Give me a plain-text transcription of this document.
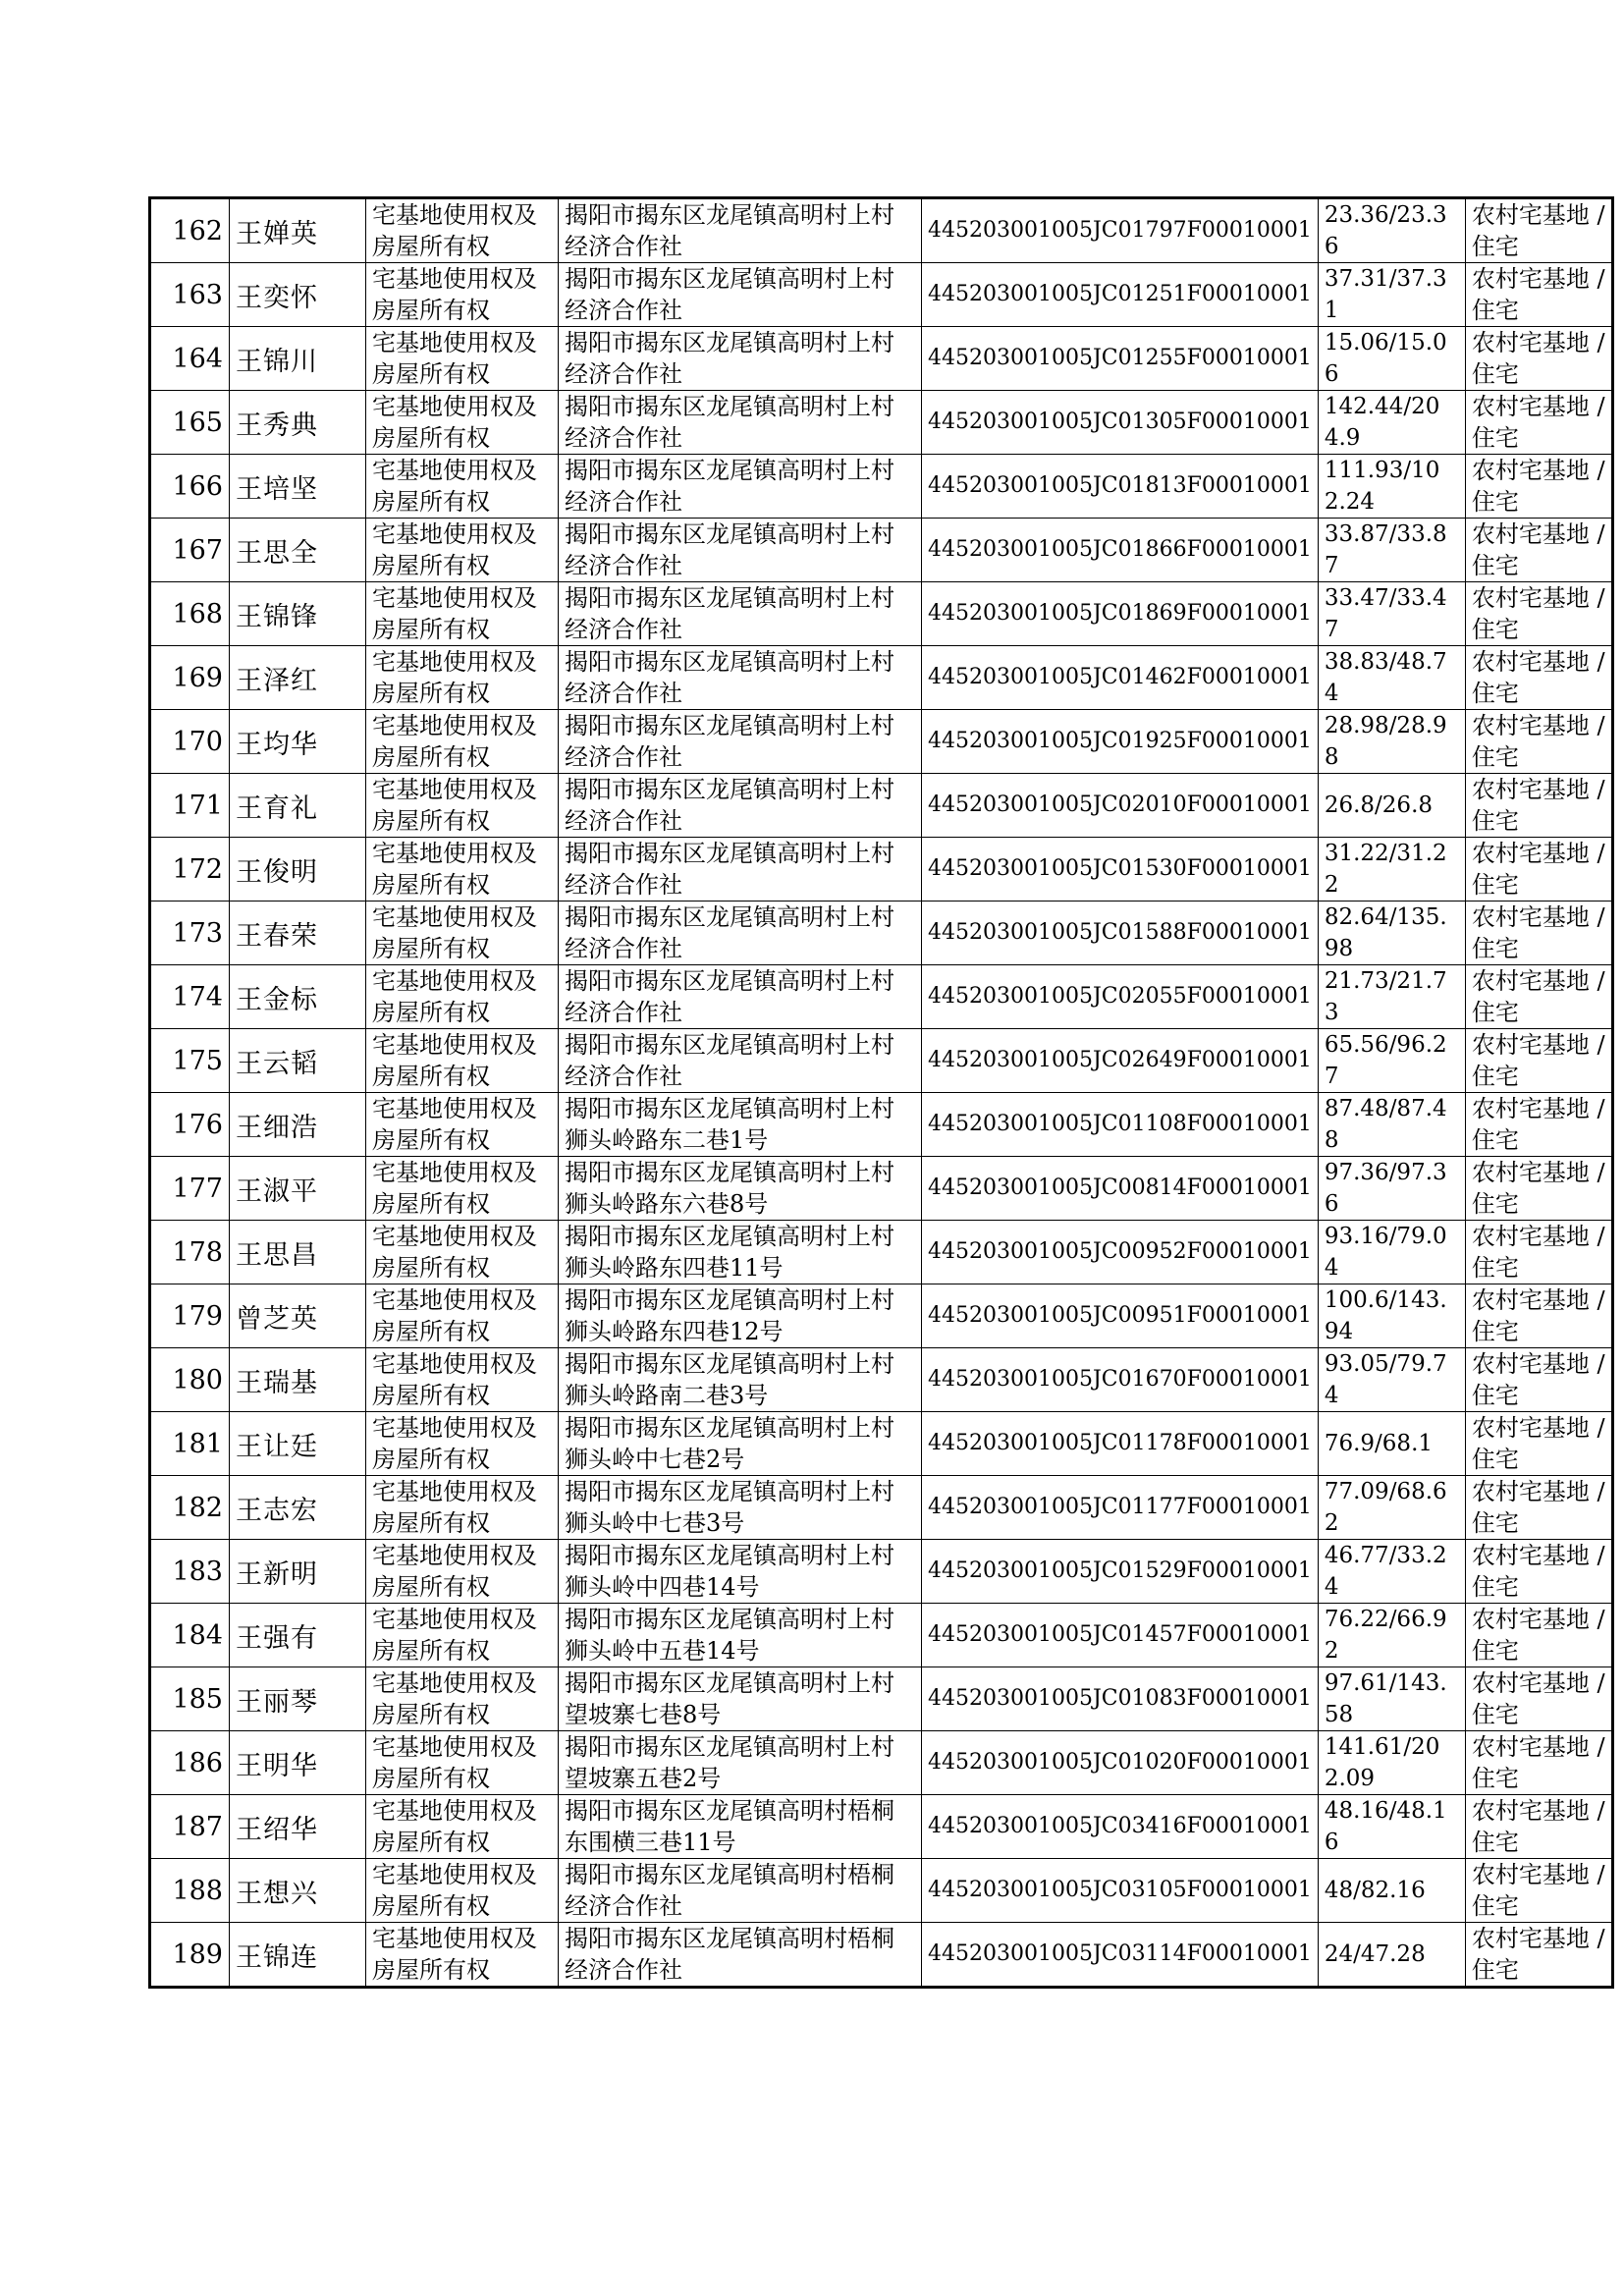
162	王婵英	宅基地使用权及房屋所有权	揭阳市揭东区龙尾镇高明村上村经济合作社	445203001005JC01797F00010001	23.36/23.36	农村宅基地 / 住宅

163	王奕怀	宅基地使用权及房屋所有权	揭阳市揭东区龙尾镇高明村上村经济合作社	445203001005JC01251F00010001	37.31/37.31	农村宅基地 / 住宅

164	王锦川	宅基地使用权及房屋所有权	揭阳市揭东区龙尾镇高明村上村经济合作社	445203001005JC01255F00010001	15.06/15.06	农村宅基地 / 住宅

165	王秀典	宅基地使用权及房屋所有权	揭阳市揭东区龙尾镇高明村上村经济合作社	445203001005JC01305F00010001	142.44/204.9	农村宅基地 / 住宅

166	王培坚	宅基地使用权及房屋所有权	揭阳市揭东区龙尾镇高明村上村经济合作社	445203001005JC01813F00010001	111.93/102.24	农村宅基地 / 住宅

167	王思全	宅基地使用权及房屋所有权	揭阳市揭东区龙尾镇高明村上村经济合作社	445203001005JC01866F00010001	33.87/33.87	农村宅基地 / 住宅

168	王锦锋	宅基地使用权及房屋所有权	揭阳市揭东区龙尾镇高明村上村经济合作社	445203001005JC01869F00010001	33.47/33.47	农村宅基地 / 住宅

169	王泽红	宅基地使用权及房屋所有权	揭阳市揭东区龙尾镇高明村上村经济合作社	445203001005JC01462F00010001	38.83/48.74	农村宅基地 / 住宅

170	王均华	宅基地使用权及房屋所有权	揭阳市揭东区龙尾镇高明村上村经济合作社	445203001005JC01925F00010001	28.98/28.98	农村宅基地 / 住宅

171	王育礼	宅基地使用权及房屋所有权	揭阳市揭东区龙尾镇高明村上村经济合作社	445203001005JC02010F00010001	26.8/26.8	农村宅基地 / 住宅

172	王俊明	宅基地使用权及房屋所有权	揭阳市揭东区龙尾镇高明村上村经济合作社	445203001005JC01530F00010001	31.22/31.22	农村宅基地 / 住宅

173	王春荣	宅基地使用权及房屋所有权	揭阳市揭东区龙尾镇高明村上村经济合作社	445203001005JC01588F00010001	82.64/135.98	农村宅基地 / 住宅

174	王金标	宅基地使用权及房屋所有权	揭阳市揭东区龙尾镇高明村上村经济合作社	445203001005JC02055F00010001	21.73/21.73	农村宅基地 / 住宅

175	王云韬	宅基地使用权及房屋所有权	揭阳市揭东区龙尾镇高明村上村经济合作社	445203001005JC02649F00010001	65.56/96.27	农村宅基地 / 住宅

176	王细浩	宅基地使用权及房屋所有权	揭阳市揭东区龙尾镇高明村上村狮头岭路东二巷1号	445203001005JC01108F00010001	87.48/87.48	农村宅基地 / 住宅

177	王淑平	宅基地使用权及房屋所有权	揭阳市揭东区龙尾镇高明村上村狮头岭路东六巷8号	445203001005JC00814F00010001	97.36/97.36	农村宅基地 / 住宅

178	王思昌	宅基地使用权及房屋所有权	揭阳市揭东区龙尾镇高明村上村狮头岭路东四巷11号	445203001005JC00952F00010001	93.16/79.04	农村宅基地 / 住宅

179	曾芝英	宅基地使用权及房屋所有权	揭阳市揭东区龙尾镇高明村上村狮头岭路东四巷12号	445203001005JC00951F00010001	100.6/143.94	农村宅基地 / 住宅

180	王瑞基	宅基地使用权及房屋所有权	揭阳市揭东区龙尾镇高明村上村狮头岭路南二巷3号	445203001005JC01670F00010001	93.05/79.74	农村宅基地 / 住宅

181	王让廷	宅基地使用权及房屋所有权	揭阳市揭东区龙尾镇高明村上村狮头岭中七巷2号	445203001005JC01178F00010001	76.9/68.1	农村宅基地 / 住宅

182	王志宏	宅基地使用权及房屋所有权	揭阳市揭东区龙尾镇高明村上村狮头岭中七巷3号	445203001005JC01177F00010001	77.09/68.62	农村宅基地 / 住宅

183	王新明	宅基地使用权及房屋所有权	揭阳市揭东区龙尾镇高明村上村狮头岭中四巷14号	445203001005JC01529F00010001	46.77/33.24	农村宅基地 / 住宅

184	王强有	宅基地使用权及房屋所有权	揭阳市揭东区龙尾镇高明村上村狮头岭中五巷14号	445203001005JC01457F00010001	76.22/66.92	农村宅基地 / 住宅

185	王丽琴	宅基地使用权及房屋所有权	揭阳市揭东区龙尾镇高明村上村望坡寨七巷8号	445203001005JC01083F00010001	97.61/143.58	农村宅基地 / 住宅

186	王明华	宅基地使用权及房屋所有权	揭阳市揭东区龙尾镇高明村上村望坡寨五巷2号	445203001005JC01020F00010001	141.61/202.09	农村宅基地 / 住宅

187	王绍华	宅基地使用权及房屋所有权	揭阳市揭东区龙尾镇高明村梧桐东围横三巷11号	445203001005JC03416F00010001	48.16/48.16	农村宅基地 / 住宅

188	王想兴	宅基地使用权及房屋所有权	揭阳市揭东区龙尾镇高明村梧桐经济合作社	445203001005JC03105F00010001	48/82.16	农村宅基地 / 住宅

189	王锦连	宅基地使用权及房屋所有权	揭阳市揭东区龙尾镇高明村梧桐经济合作社	445203001005JC03114F00010001	24/47.28	农村宅基地 / 住宅
